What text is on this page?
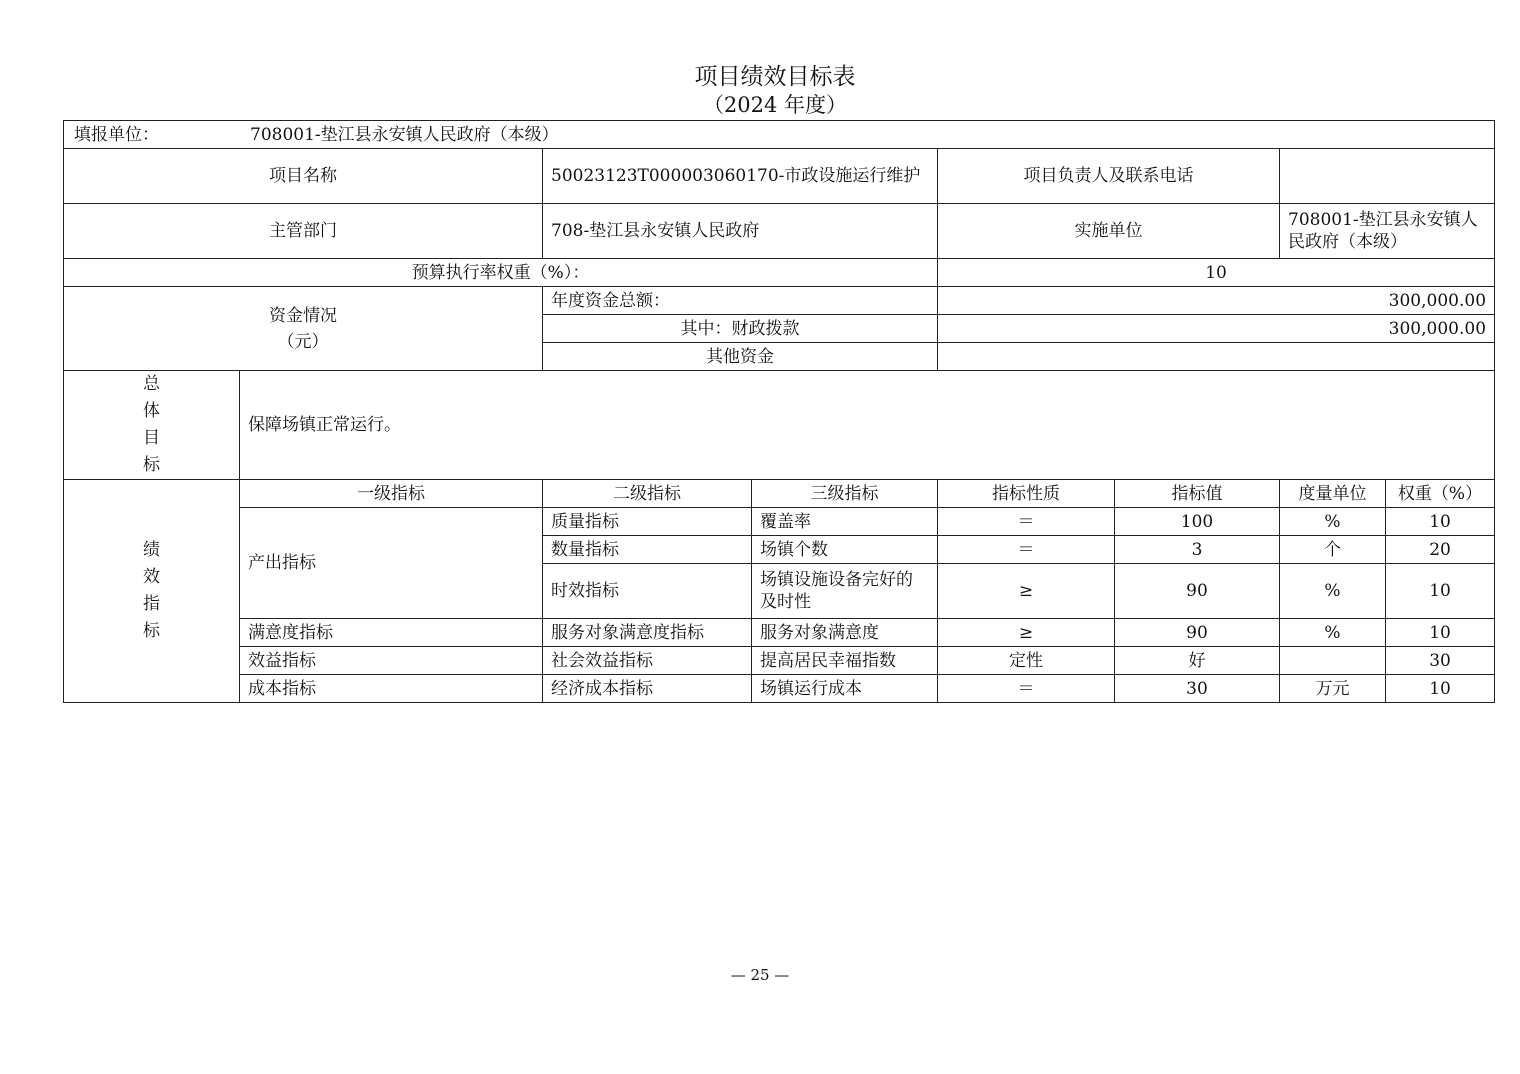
项目绩效目标表
（2024 年度）
填报单位： 708001-垫江县永安镇人民政府（本级）							
项目名称		50023123T000003060170-市政设施运行维护		项目负责人及联系电话			
主管部门		708-垫江县永安镇人民政府		实施单位		708001-垫江县永安镇人民政府（本级）	
预算执行率权重（%）：				10			

资金情况
（元）		年度资金总额：		300,000.00			
		其中：财政拨款		300,000.00			
		其他资金					

总
体
目
标	保障场镇正常运行。						

绩
效
指
标	一级指标	二级指标	三级指标	指标性质	指标值	度量单位	权重（%）
	产出指标	质量指标	覆盖率	＝	100	%	10
		数量指标	场镇个数	＝	3	个	20
		时效指标	场镇设施设备完好的及时性	≥	90	%	10
	满意度指标	服务对象满意度指标	服务对象满意度	≥	90	%	10
	效益指标	社会效益指标	提高居民幸福指数	定性	好		30
	成本指标	经济成本指标	场镇运行成本	＝	30	万元	10
— 25 —
